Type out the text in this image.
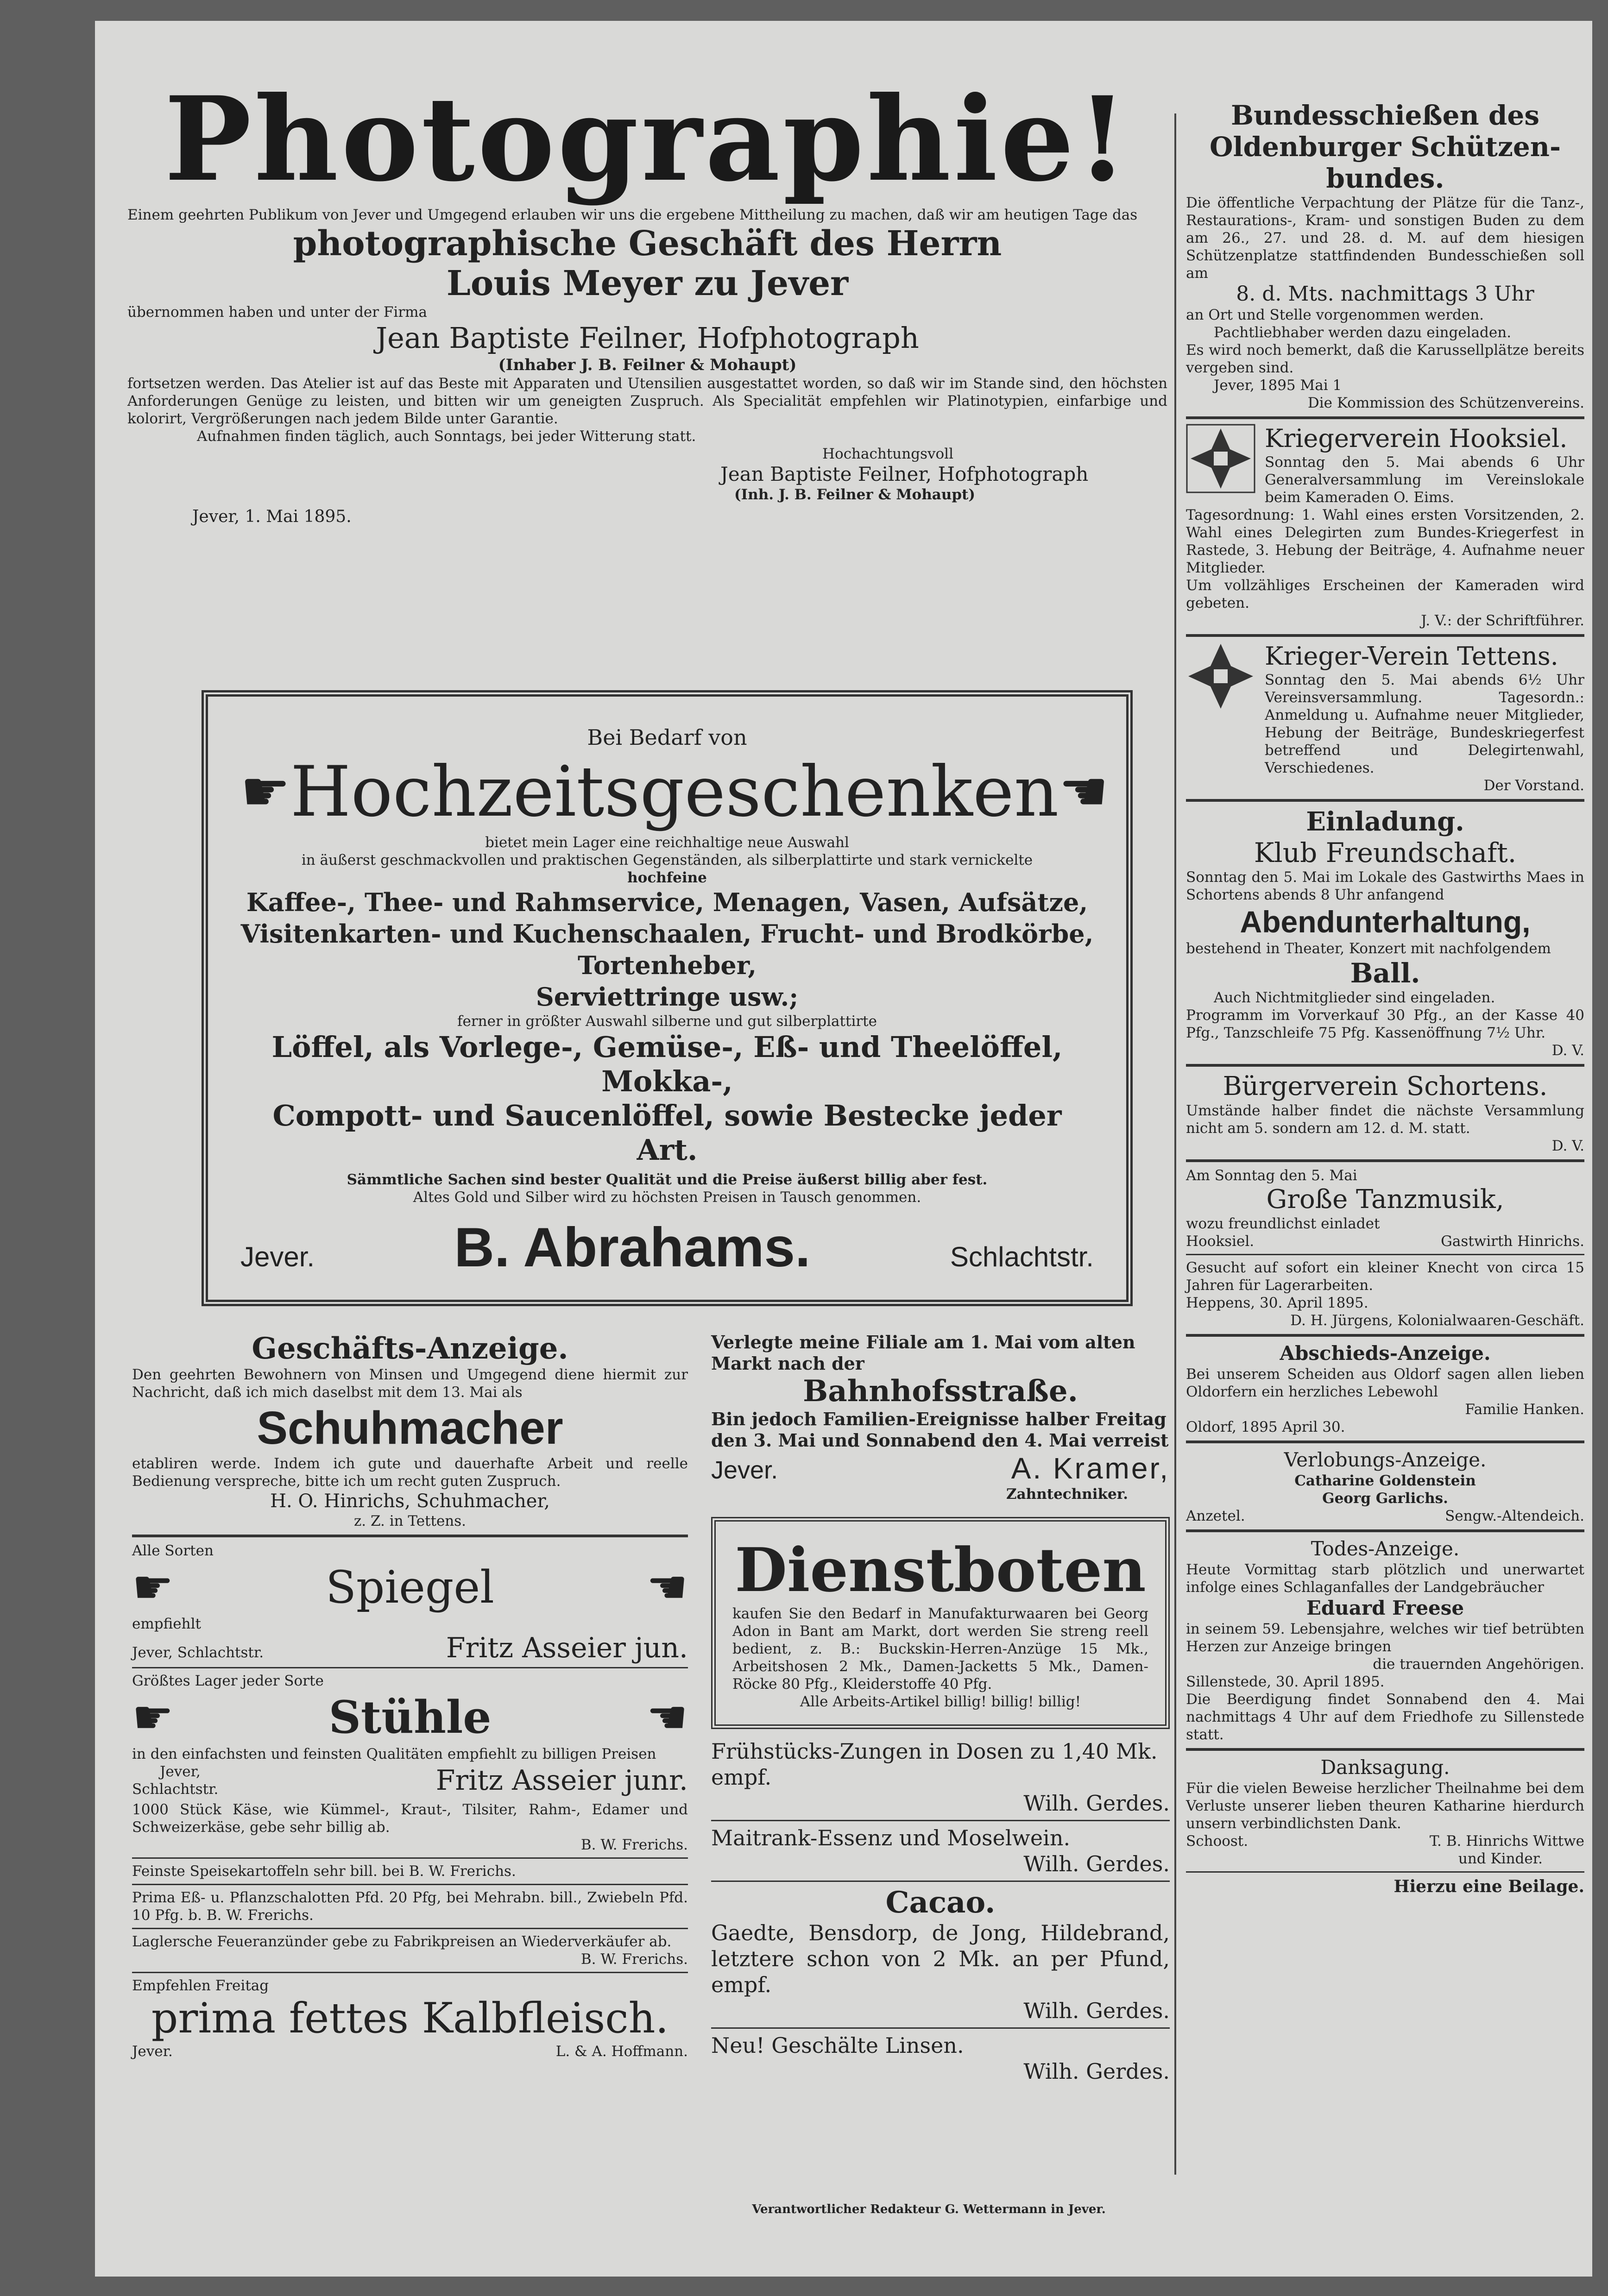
Photographie!

Einem geehrten Publikum von Jever und Umgegend erlauben wir uns die ergebene Mittheilung zu machen, daß wir am heutigen Tage das

photographische Geschäft des Herrn

Louis Meyer zu Jever

übernommen haben und unter der Firma

Jean Baptiste Feilner, Hofphotograph

(Inhaber J. B. Feilner & Mohaupt)

fortsetzen werden. Das Atelier ist auf das Beste mit Apparaten und Utensilien ausgestattet worden, so daß wir im Stande sind, den höchsten Anforderungen Genüge zu leisten, und bitten wir um geneigten Zuspruch. Als Specialität empfehlen wir Platinotypien, einfarbige und kolorirt, Vergrößerungen nach jedem Bilde unter Garantie.

Aufnahmen finden täglich, auch Sonntags, bei jeder Witterung statt.

Hochachtungsvoll

Jean Baptiste Feilner, Hofphotograph

(Inh. J. B. Feilner & Mohaupt)

Jever, 1. Mai 1895.

Bei Bedarf von

☛ Hochzeitsgeschenken ☚

bietet mein Lager eine reichhaltige neue Auswahl

in äußerst geschmackvollen und praktischen Gegenständen, als silberplattirte und stark vernickelte

hochfeine

Kaffee-, Thee- und Rahmservice, Menagen, Vasen, Aufsätze,

Visitenkarten- und Kuchenschaalen, Frucht- und Brodkörbe, Tortenheber,

Serviettringe usw.;

ferner in größter Auswahl silberne und gut silberplattirte

Löffel, als Vorlege-, Gemüse-, Eß- und Theelöffel, Mokka-,

Compott- und Saucenlöffel, sowie Bestecke jeder Art.

Sämmtliche Sachen sind bester Qualität und die Preise äußerst billig aber fest.

Altes Gold und Silber wird zu höchsten Preisen in Tausch genommen.

Jever.	B. Abrahams.	Schlachtstr.

Geschäfts-Anzeige.

Den geehrten Bewohnern von Minsen und Umgegend diene hiermit zur Nachricht, daß ich mich daselbst mit dem 13. Mai als

Schuhmacher

etabliren werde. Indem ich gute und dauerhafte Arbeit und reelle Bedienung verspreche, bitte ich um recht guten Zuspruch.

H. O. Hinrichs, Schuhmacher,

z. Z. in Tettens.

Alle Sorten

☛	Spiegel	☚

empfiehlt

Jever, Schlachtstr.	Fritz Asseier jun.

Größtes Lager jeder Sorte

☛	Stühle	☚

in den einfachsten und feinsten Qualitäten empfiehlt zu billigen Preisen

Jever,
Schlachtstr.	Fritz Asseier junr.

1000 Stück Käse, wie Kümmel-, Kraut-, Tilsiter, Rahm-, Edamer und Schweizerkäse, gebe sehr billig ab.

B. W. Frerichs.

Feinste Speisekartoffeln sehr bill. bei B. W. Frerichs.

Prima Eß- u. Pflanzschalotten Pfd. 20 Pfg, bei Mehrabn. bill., Zwiebeln Pfd. 10 Pfg. b. B. W. Frerichs.

Laglersche Feueranzünder gebe zu Fabrikpreisen an Wiederverkäufer ab.

B. W. Frerichs.

Empfehlen Freitag

prima fettes Kalbfleisch.

Jever.	L. & A. Hoffmann.

Verlegte meine Filiale am 1. Mai vom alten Markt nach der

Bahnhofsstraße.

Bin jedoch Familien-Ereignisse halber Freitag den 3. Mai und Sonnabend den 4. Mai verreist

Jever.	A. Kramer,

Zahntechniker.

Dienstboten

kaufen Sie den Bedarf in Manufakturwaaren bei Georg Adon in Bant am Markt, dort werden Sie streng reell bedient, z. B.: Buckskin-Herren-Anzüge 15 Mk., Arbeitshosen 2 Mk., Damen-Jacketts 5 Mk., Damen-Röcke 80 Pfg., Kleiderstoffe 40 Pfg.

Alle Arbeits-Artikel billig! billig! billig!

Frühstücks-Zungen in Dosen zu 1,40 Mk. empf.

Wilh. Gerdes.

Maitrank-Essenz und Moselwein.

Wilh. Gerdes.

Cacao.

Gaedte, Bensdorp, de Jong, Hildebrand, letztere schon von 2 Mk. an per Pfund, empf.

Wilh. Gerdes.

Neu! Geschälte Linsen.

Wilh. Gerdes.

Verantwortlicher Redakteur G. Wettermann in Jever.

Bundesschießen des

Oldenburger Schützen-

bundes.

Die öffentliche Verpachtung der Plätze für die Tanz-, Restaurations-, Kram- und sonstigen Buden zu dem am 26., 27. und 28. d. M. auf dem hiesigen Schützenplatze stattfindenden Bundesschießen soll am

8. d. Mts. nachmittags 3 Uhr

an Ort und Stelle vorgenommen werden.

Pachtliebhaber werden dazu eingeladen.

Es wird noch bemerkt, daß die Karussellplätze bereits vergeben sind.

Jever, 1895 Mai 1

Die Kommission des Schützenvereins.

Kriegerverein Hooksiel.

Sonntag den 5. Mai abends 6 Uhr Generalversammlung im Vereinslokale beim Kameraden O. Eims.

Tagesordnung: 1. Wahl eines ersten Vorsitzenden, 2. Wahl eines Delegirten zum Bundes-Kriegerfest in Rastede, 3. Hebung der Beiträge, 4. Aufnahme neuer Mitglieder.

Um vollzähliges Erscheinen der Kameraden wird gebeten.

J. V.: der Schriftführer.

Krieger-Verein Tettens.

Sonntag den 5. Mai abends 6½ Uhr Vereinsversammlung. Tagesordn.: Anmeldung u. Aufnahme neuer Mitglieder, Hebung der Beiträge, Bundeskriegerfest betreffend und Delegirtenwahl, Verschiedenes.

Der Vorstand.

Einladung.

Klub Freundschaft.

Sonntag den 5. Mai im Lokale des Gastwirths Maes in Schortens abends 8 Uhr anfangend

Abendunterhaltung,

bestehend in Theater, Konzert mit nachfolgendem

Ball.

Auch Nichtmitglieder sind eingeladen.

Programm im Vorverkauf 30 Pfg., an der Kasse 40 Pfg., Tanzschleife 75 Pfg. Kassenöffnung 7½ Uhr.

D. V.

Bürgerverein Schortens.

Umstände halber findet die nächste Versammlung nicht am 5. sondern am 12. d. M. statt.

D. V.

Am Sonntag den 5. Mai

Große Tanzmusik,

wozu freundlichst einladet

Hooksiel.	Gastwirth Hinrichs.

Gesucht auf sofort ein kleiner Knecht von circa 15 Jahren für Lagerarbeiten.

Heppens, 30. April 1895.

D. H. Jürgens, Kolonialwaaren-Geschäft.

Abschieds-Anzeige.

Bei unserem Scheiden aus Oldorf sagen allen lieben Oldorfern ein herzliches Lebewohl

Familie Hanken.

Oldorf, 1895 April 30.

Verlobungs-Anzeige.

Catharine Goldenstein

Georg Garlichs.

Anzetel.	Sengw.-Altendeich.

Todes-Anzeige.

Heute Vormittag starb plötzlich und unerwartet infolge eines Schlaganfalles der Landgebräucher

Eduard Freese

in seinem 59. Lebensjahre, welches wir tief betrübten Herzen zur Anzeige bringen

die trauernden Angehörigen.

Sillenstede, 30. April 1895.

Die Beerdigung findet Sonnabend den 4. Mai nachmittags 4 Uhr auf dem Friedhofe zu Sillenstede statt.

Danksagung.

Für die vielen Beweise herzlicher Theilnahme bei dem Verluste unserer lieben theuren Katharine hierdurch unsern verbindlichsten Dank.

Schoost.	T. B. Hinrichs Wittwe

und Kinder.

Hierzu eine Beilage.
